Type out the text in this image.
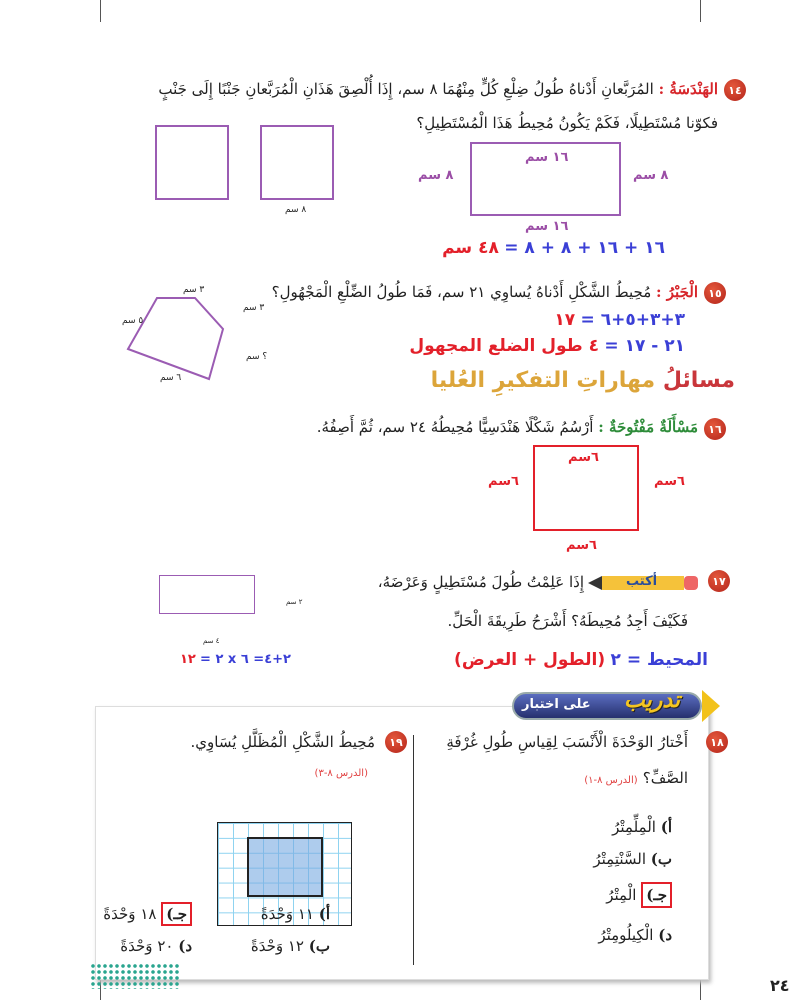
١٤
الهَنْدَسَةُ : المُرَبَّعانِ أَدْناهُ طُولُ ضِلْعِ كُلٍّ مِنْهُمَا ٨ سم، إِذَا أُلْصِقَ هَذَانِ الْمُرَبَّعانِ جَنْبًا إِلَى جَنْبٍ
فكوّنا مُسْتَطِيلًا، فَكَمْ يَكُونُ مُحِيطُ هَذَا الْمُسْتَطِيلِ؟
٨ سم
١٦ سم
١٦ سم
٨ سم	٨ سم
١٦ + ١٦ + ٨ + ٨ = ٤٨ سم
١٥
الْجَبْرُ : مُحِيطُ الشَّكْلِ أَدْناهُ يُساوِي ٢١ سم، فَمَا طُولُ الضِّلْعِ الْمَجْهُولِ؟
٣ سم
٣ سم
٥ سم
؟ سم
٦ سم
٣+٣+٥+٦ = ١٧
٢١ - ١٧ = ٤ طول الضلع المجهول
مسائلُ مهاراتِ التفكيرِ العُليا
١٦
مَسْأَلَةٌ مَفْتُوحَةٌ : أَرْسُمُ شَكْلًا هَنْدَسِيًّا مُحِيطُهُ ٢٤ سم، ثُمَّ أَصِفُهُ.
٦سم
٦سم
٦سم	٦سم
١٧
أكتب
إِذَا عَلِمْتُ طُولَ مُسْتَطِيلٍ وَعَرْضَهُ،
فَكَيْفَ أَجِدُ مُحِيطَهُ؟ أَشْرَحُ طَرِيقَةَ الْحَلِّ.
٢ سم
٤ سم
٢+٤= ٦ x ٢ = ١٢	المحيط = ٢ (الطول + العرض)
على اختبار تدريب
١٨
أَخْتارُ الوَحْدَةَ الْأَنْسَبَ لِقِياسِ طُولِ غُرْفَةِ
الصَّفِّ؟ (الدرس ٨-١)
أ) الْمِلِّمِتْرُ
ب) السَّنْتِمِتْرُ
جـ) الْمِتْرُ
د) الْكِيلُومِتْرُ
١٩
مُحِيطُ الشَّكْلِ الْمُظَلَّلِ يُسَاوِي.
(الدرس ٨-٣)
أ) ١١ وَحْدَةً
ب) ١٢ وَحْدَةً
جـ) ١٨ وَحْدَةً
د) ٢٠ وَحْدَةً
٢٤
